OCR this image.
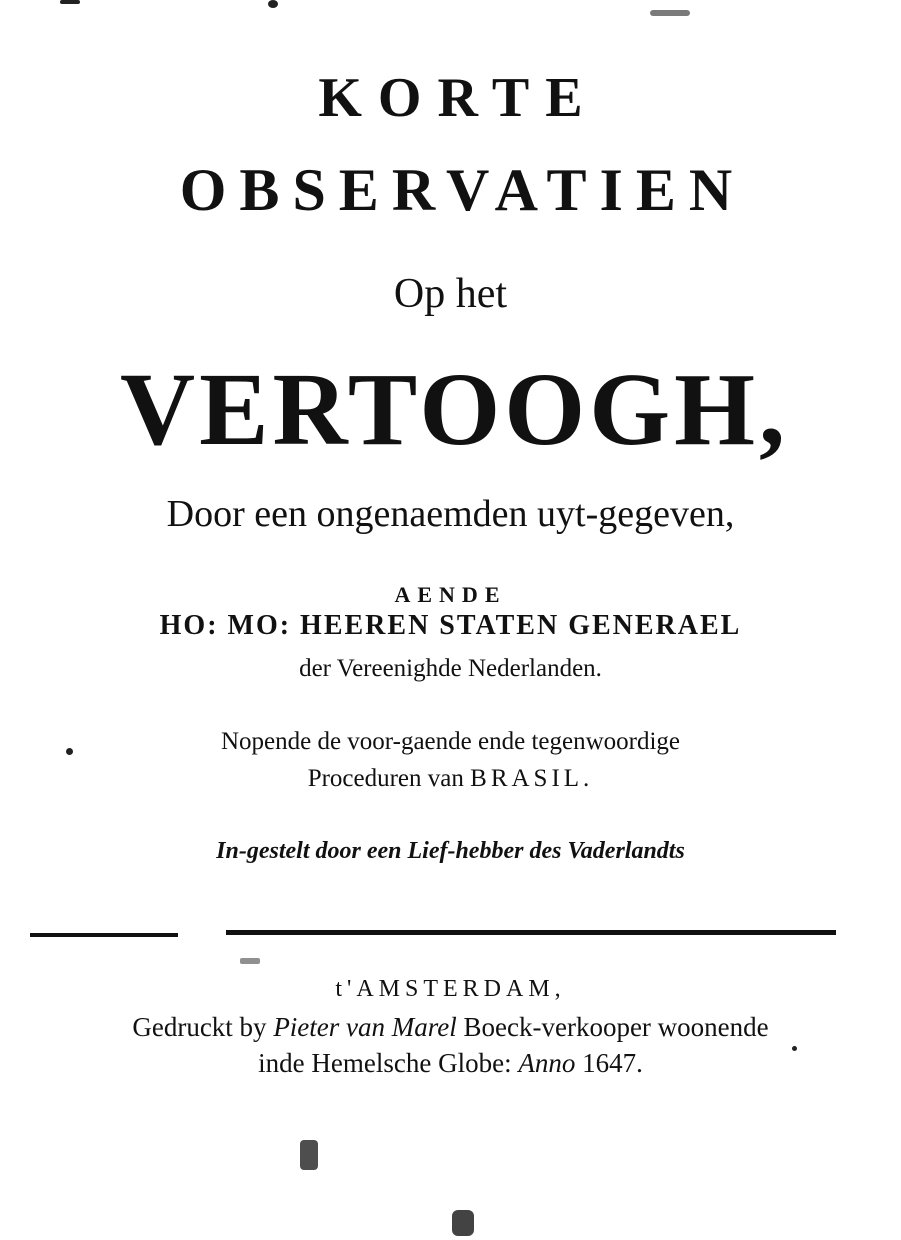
KORTE
OBSERVATIEN
Op het
VERTOOGH,
Door een ongenaemden uyt-gegeven,
AENDE
HO: MO: HEEREN STATEN GENERAEL
der Vereenighde Nederlanden.
Nopende de voor-gaende ende tegenwoordige
Proceduren van BRASIL.
In-gestelt door een Lief-hebber des Vaderlandts
t'AMSTERDAM,
Gedruckt by Pieter van Marel Boeck-verkooper woonende
inde Hemelsche Globe: Anno 1647.
